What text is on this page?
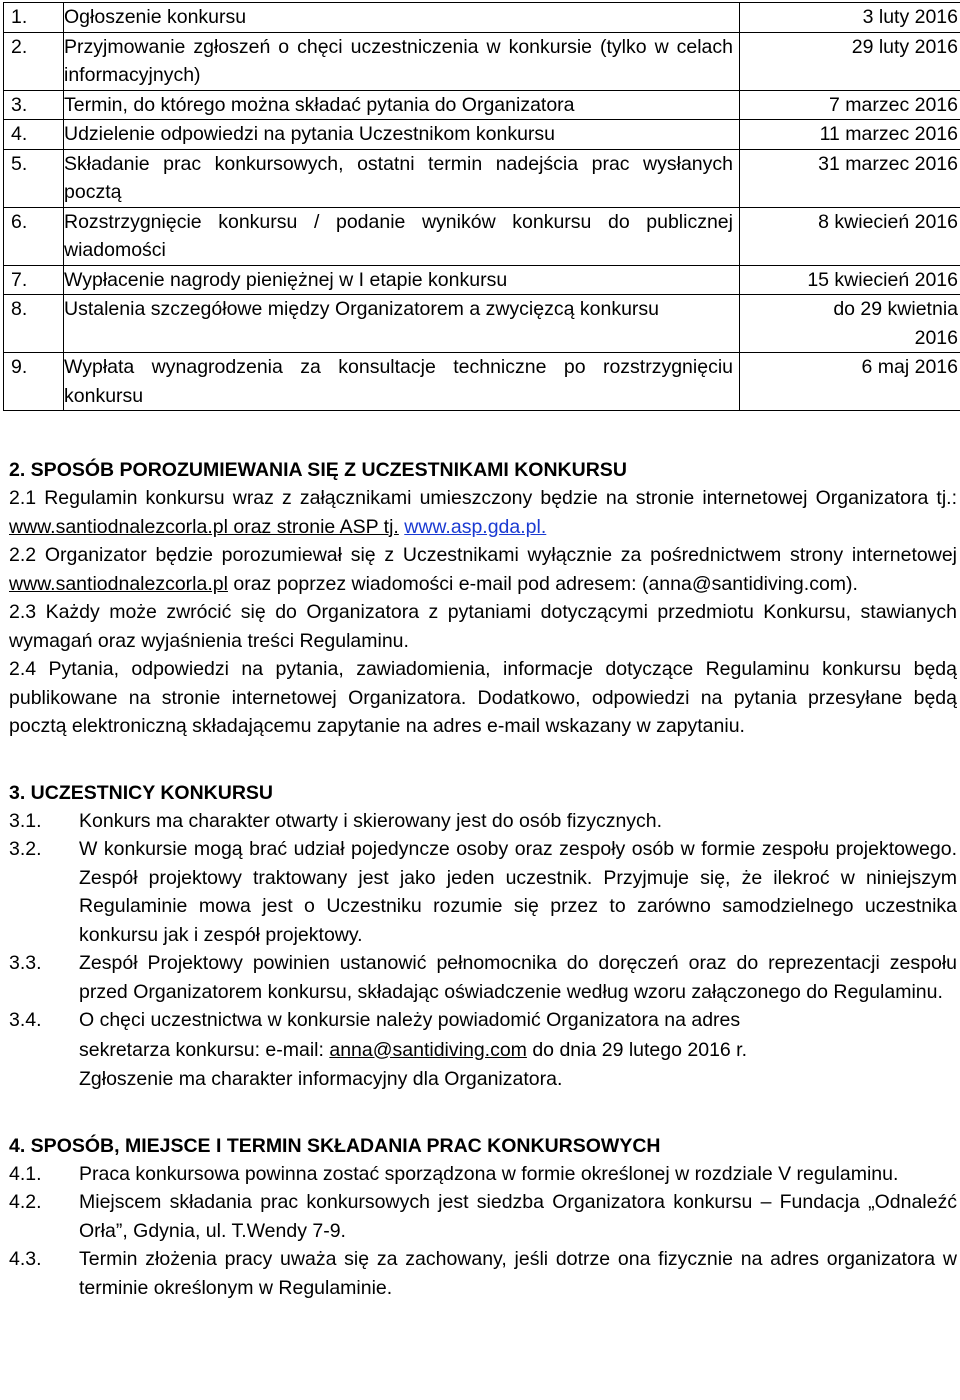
1.	Ogłoszenie konkursu	3 luty 2016
2.	Przyjmowanie zgłoszeń o chęci uczestniczenia w konkursie (tylko w celach informacyjnych)	29 luty 2016
3.	Termin, do którego można składać pytania do Organizatora	7 marzec 2016
4.	Udzielenie odpowiedzi na pytania Uczestnikom konkursu	11 marzec 2016
5.	Składanie prac konkursowych, ostatni termin nadejścia prac wysłanych pocztą	31 marzec 2016
6.	Rozstrzygnięcie konkursu / podanie wyników konkursu do publicznej wiadomości	8 kwiecień 2016
7.	Wypłacenie nagrody pieniężnej w I etapie konkursu	15 kwiecień 2016
8.	Ustalenia szczegółowe między Organizatorem a zwycięzcą konkursu	do 29 kwietnia 2016
9.	Wypłata wynagrodzenia za konsultacje techniczne po rozstrzygnięciu konkursu	6 maj 2016
2. SPOSÓB POROZUMIEWANIA SIĘ Z UCZESTNIKAMI KONKURSU

2.1 Regulamin konkursu wraz z załącznikami umieszczony będzie na stronie internetowej Organizatora tj.: www.santiodnalezcorla.pl oraz stronie ASP tj. www.asp.gda.pl.

2.2 Organizator będzie porozumiewał się z Uczestnikami wyłącznie za pośrednictwem strony internetowej www.santiodnalezcorla.pl oraz poprzez wiadomości e-mail pod adresem: (anna@santidiving.com).

2.3 Każdy może zwrócić się do Organizatora z pytaniami dotyczącymi przedmiotu Konkursu, stawianych wymagań oraz wyjaśnienia treści Regulaminu.

2.4 Pytania, odpowiedzi na pytania, zawiadomienia, informacje dotyczące Regulaminu konkursu będą publikowane na stronie internetowej Organizatora. Dodatkowo, odpowiedzi na pytania przesyłane będą pocztą elektroniczną składającemu zapytanie na adres e-mail wskazany w zapytaniu.

3. UCZESTNICY KONKURSU
3.1.	Konkurs ma charakter otwarty i skierowany jest do osób fizycznych.
3.2.	W konkursie mogą brać udział pojedyncze osoby oraz zespoły osób w formie zespołu projektowego. Zespół projektowy traktowany jest jako jeden uczestnik. Przyjmuje się, że ilekroć w niniejszym Regulaminie mowa jest o Uczestniku rozumie się przez to zarówno samodzielnego uczestnika konkursu jak i zespół projektowy.
3.3.	Zespół Projektowy powinien ustanowić pełnomocnika do doręczeń oraz do reprezentacji zespołu przed Organizatorem konkursu, składając oświadczenie według wzoru załączonego do Regulaminu.
3.4.	O chęci uczestnictwa w konkursie należy powiadomić Organizatora na adres
sekretarza konkursu: e-mail: anna@santidiving.com do dnia 29 lutego 2016 r.
Zgłoszenie ma charakter informacyjny dla Organizatora.
4. SPOSÓB, MIEJSCE I TERMIN SKŁADANIA PRAC KONKURSOWYCH
4.1.	Praca konkursowa powinna zostać sporządzona w formie określonej w rozdziale V regulaminu.
4.2.	Miejscem składania prac konkursowych jest siedzba Organizatora konkursu – Fundacja „Odnaleźć Orła”, Gdynia, ul. T.Wendy 7-9.
4.3.	Termin złożenia pracy uważa się za zachowany, jeśli dotrze ona fizycznie na adres organizatora w terminie określonym w Regulaminie.
